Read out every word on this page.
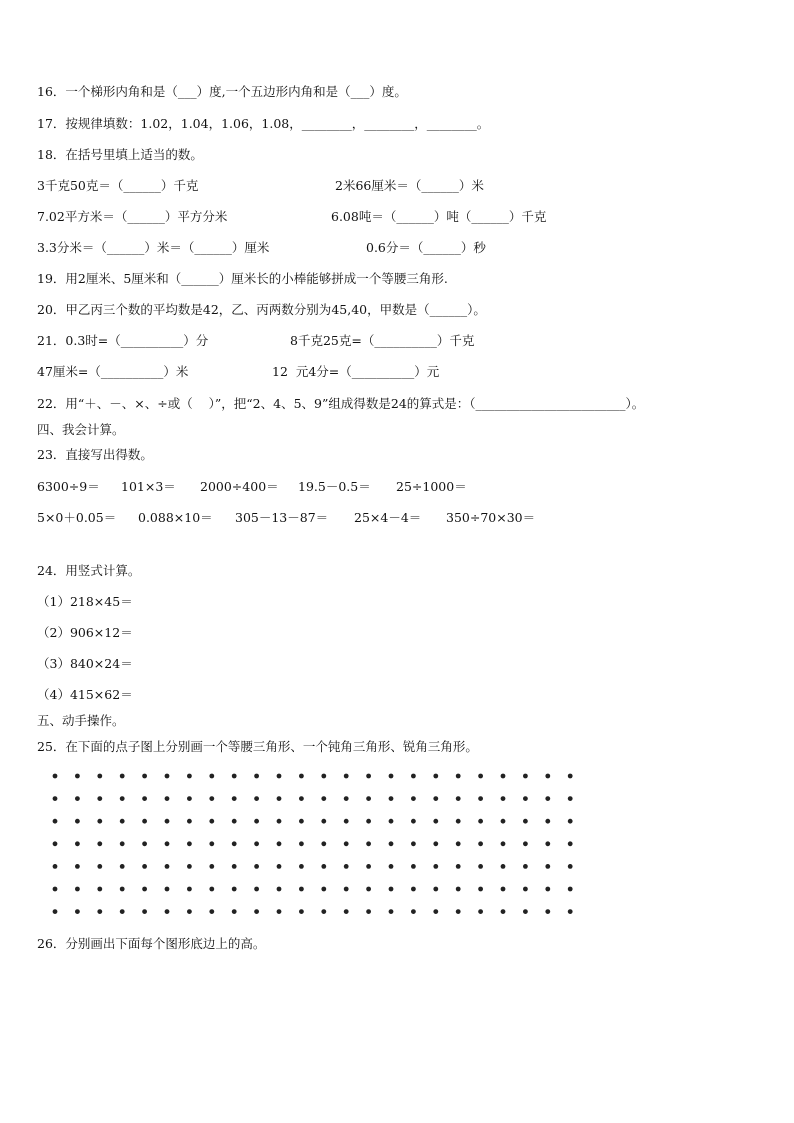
16．一个梯形内角和是（___）度,一个五边形内角和是（___）度。
17．按规律填数：1.02，1.04，1.06，1.08，________，________，________。
18．在括号里填上适当的数。
3千克50克＝（______）千克	2米66厘米＝（______）米
7.02平方米＝（______）平方分米	6.08吨＝（______）吨（______）千克
3.3分米＝（______）米＝（______）厘米	0.6分＝（______）秒
19．用2厘米、5厘米和（______）厘米长的小棒能够拼成一个等腰三角形.
20．甲乙丙三个数的平均数是42，乙、丙两数分别为45,40，甲数是（______）。
21．0.3时=（__________）分	8千克25克=（__________）千克
47厘米=（__________）米	12  元4分=（__________）元
22．用“＋、－、×、÷或（    ）”，把“2、4、5、9”组成得数是24的算式是：（________________________）。
四、我会计算。
23．直接写出得数。
6300÷9＝ 101×3＝ 2000÷400＝ 19.5－0.5＝ 25÷1000＝
5×0＋0.05＝ 0.088×10＝ 305－13－87＝ 25×4－4＝ 350÷70×30＝
24．用竖式计算。
（1）218×45＝
（2）906×12＝
（3）840×24＝
（4）415×62＝
五、动手操作。
25．在下面的点子图上分别画一个等腰三角形、一个钝角三角形、锐角三角形。
26．分别画出下面每个图形底边上的高。
